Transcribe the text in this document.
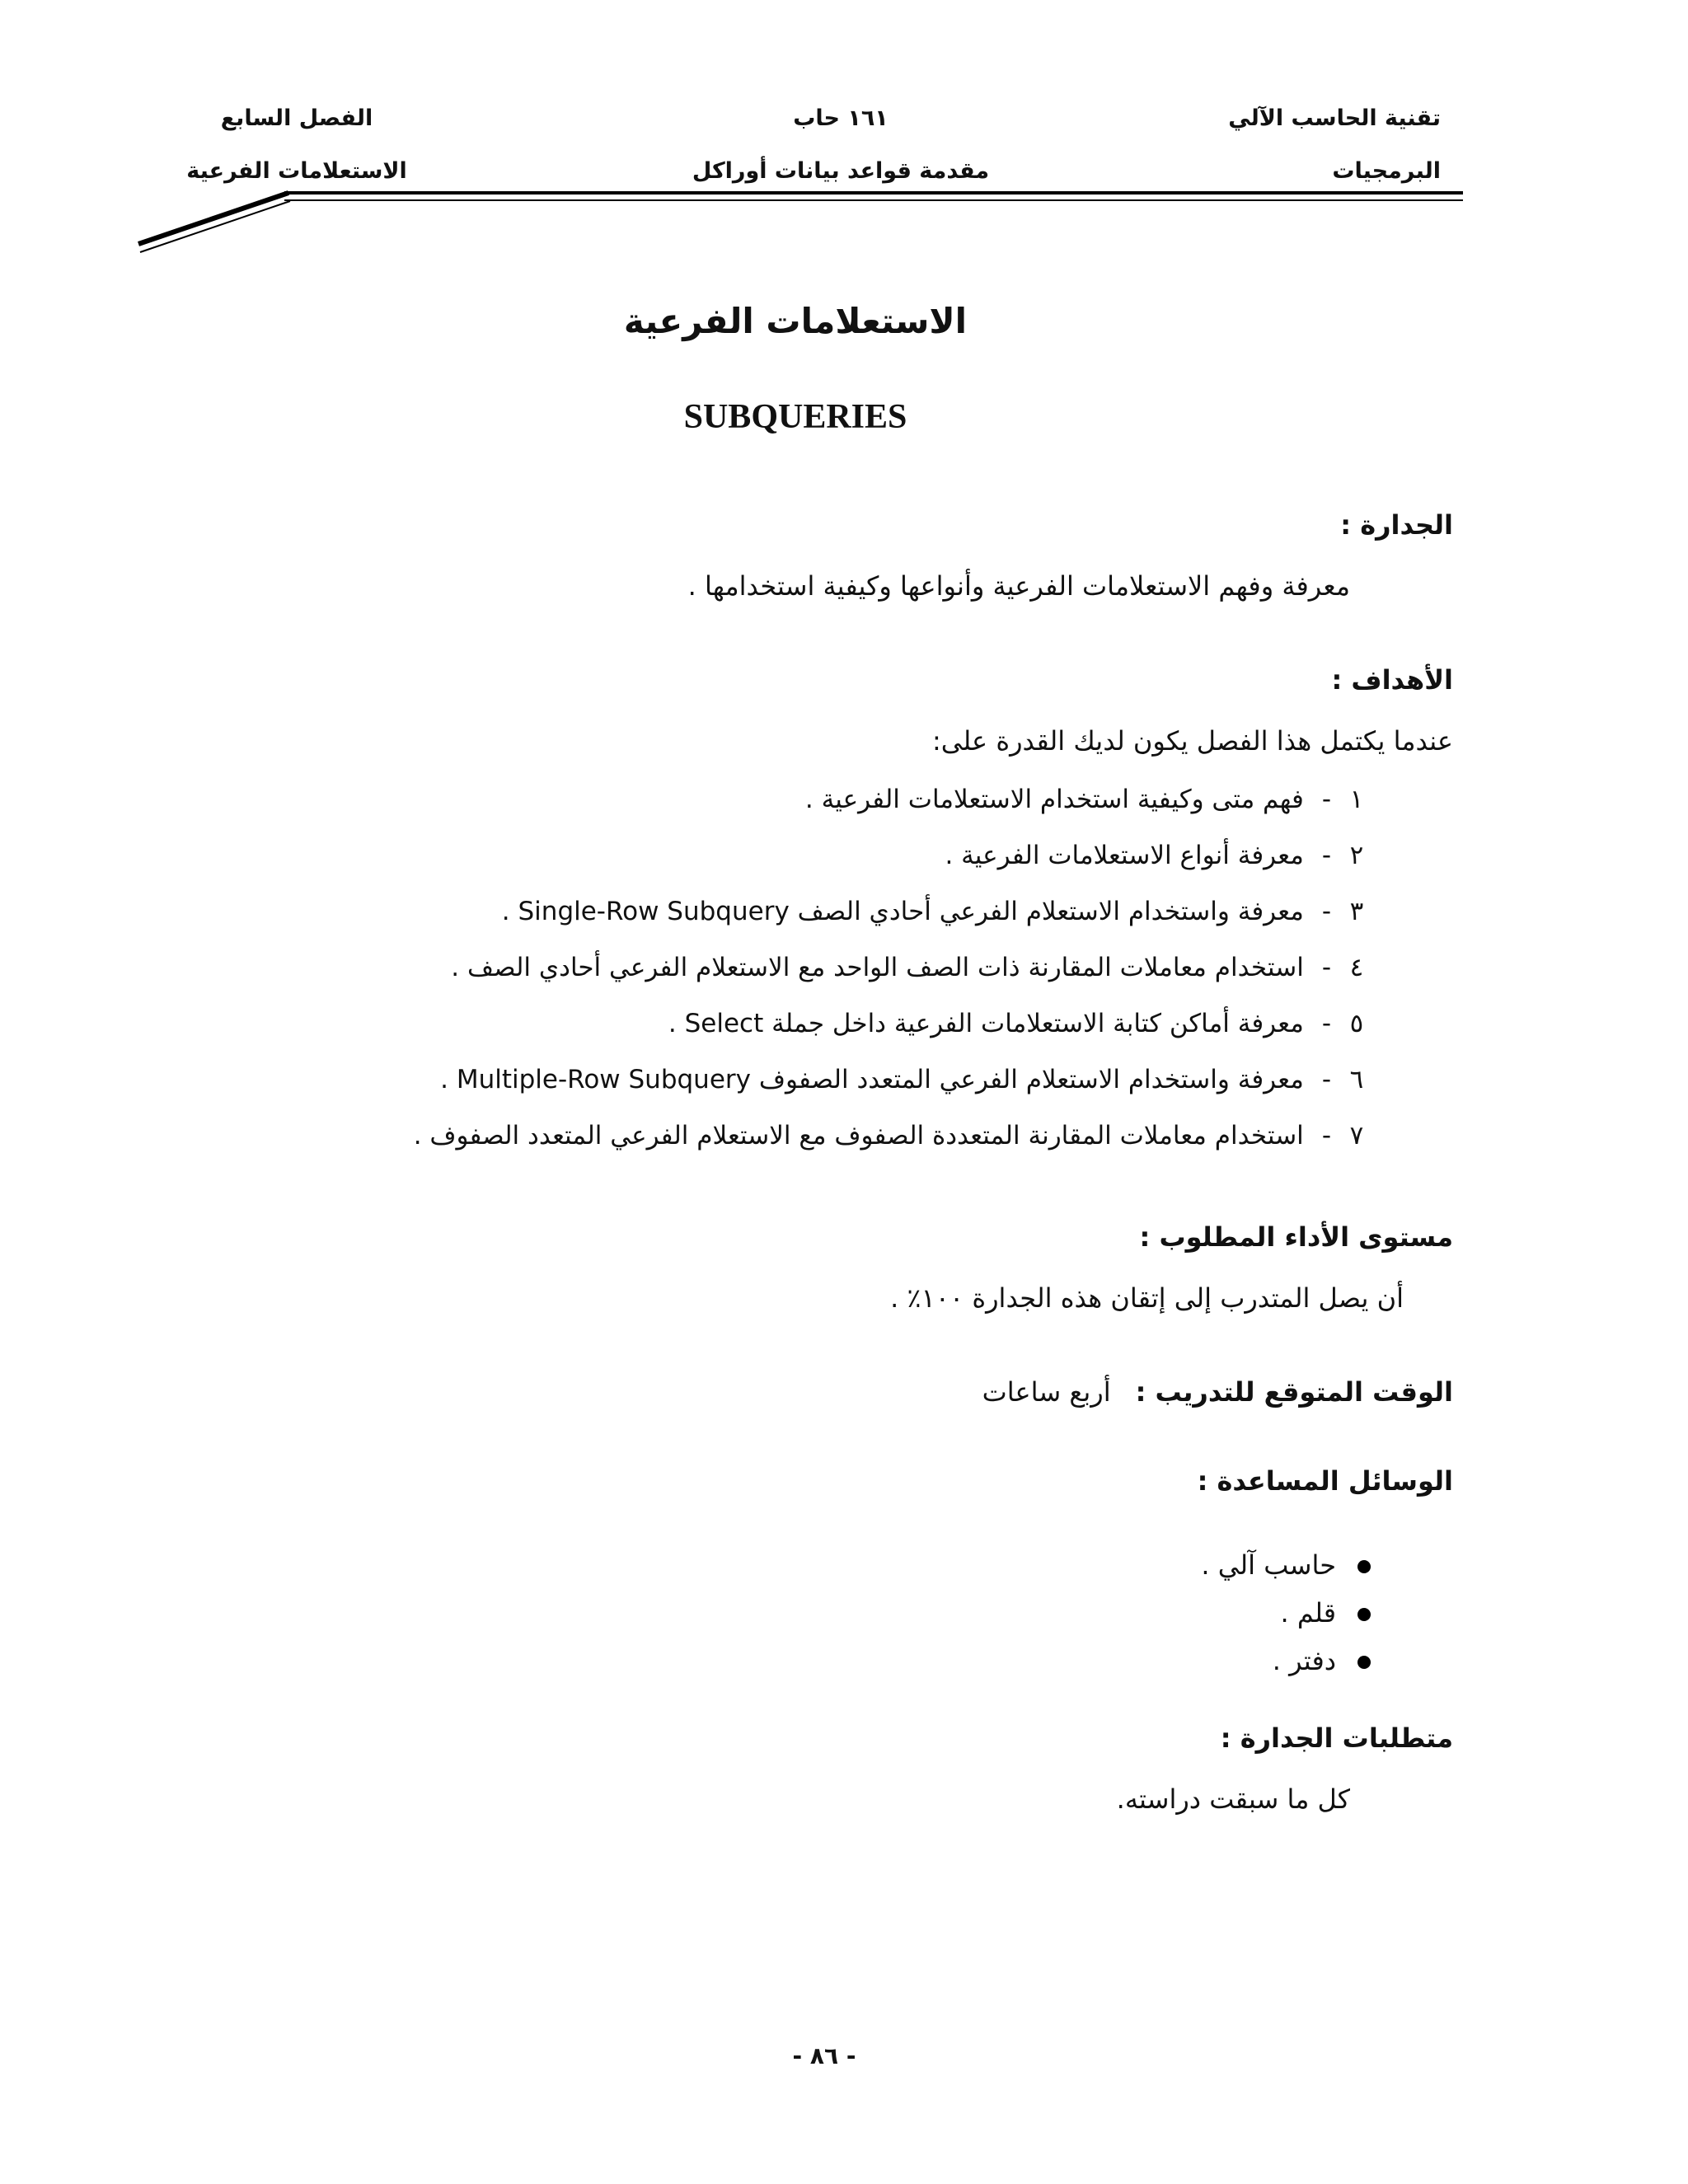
تقنية الحاسب الآلي
البرمجيات
١٦١ حاب
مقدمة قواعد بيانات أوراكل
الفصل السابع
الاستعلامات الفرعية
الاستعلامات الفرعية
SUBQUERIES
الجدارة :
معرفة وفهم الاستعلامات الفرعية وأنواعها وكيفية استخدامها .
الأهداف :
عندما يكتمل هذا الفصل يكون لديك القدرة على:
١-فهم متى وكيفية استخدام الاستعلامات الفرعية .
٢-معرفة أنواع الاستعلامات الفرعية .
٣-معرفة واستخدام الاستعلام الفرعي أحادي الصف Single-Row Subquery .
٤-استخدام معاملات المقارنة ذات الصف الواحد مع الاستعلام الفرعي أحادي الصف .
٥-معرفة أماكن كتابة الاستعلامات الفرعية داخل جملة Select .
٦-معرفة واستخدام الاستعلام الفرعي المتعدد الصفوف Multiple-Row Subquery .
٧-استخدام معاملات المقارنة المتعددة الصفوف مع الاستعلام الفرعي المتعدد الصفوف .
مستوى الأداء المطلوب :
أن يصل المتدرب إلى إتقان هذه الجدارة ١٠٠٪ .
الوقت المتوقع للتدريب :أربع ساعات
الوسائل المساعدة :
حاسب آلي .
قلم .
دفتر .
متطلبات الجدارة :
كل ما سبقت دراسته.
- ٨٦ -
